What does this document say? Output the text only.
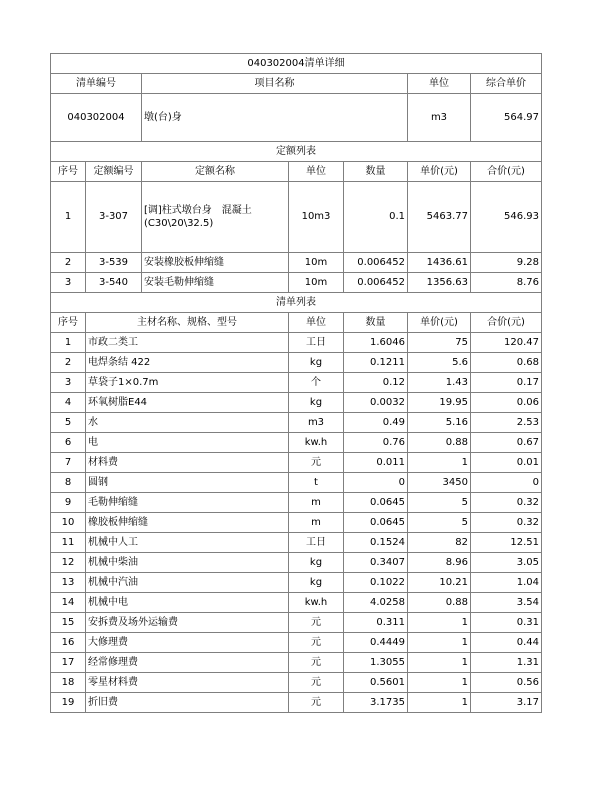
040302004清单详细						
清单编号		项目名称			单位	综合单价
040302004		墩(台)身			m3	564.97
定额列表						
序号	定额编号	定额名称	单位	数量	单价(元)	合价(元)
1	3-307	[调]柱式墩台身　混凝土(C30\20\32.5)	10m3	0.1	5463.77	546.93
2	3-539	安装橡胶板伸缩缝	10m	0.006452	1436.61	9.28
3	3-540	安装毛勒伸缩缝	10m	0.006452	1356.63	8.76
清单列表						
序号	主材名称、规格、型号		单位	数量	单价(元)	合价(元)
1	市政二类工		工日	1.6046	75	120.47
2	电焊条结 422		kg	0.1211	5.6	0.68
3	草袋子1×0.7m		个	0.12	1.43	0.17
4	环氧树脂E44		kg	0.0032	19.95	0.06
5	水		m3	0.49	5.16	2.53
6	电		kw.h	0.76	0.88	0.67
7	材料费		元	0.011	1	0.01
8	圆钢		t	0	3450	0
9	毛勒伸缩缝		m	0.0645	5	0.32
10	橡胶板伸缩缝		m	0.0645	5	0.32
11	机械中人工		工日	0.1524	82	12.51
12	机械中柴油		kg	0.3407	8.96	3.05
13	机械中汽油		kg	0.1022	10.21	1.04
14	机械中电		kw.h	4.0258	0.88	3.54
15	安拆费及场外运输费		元	0.311	1	0.31
16	大修理费		元	0.4449	1	0.44
17	经常修理费		元	1.3055	1	1.31
18	零星材料费		元	0.5601	1	0.56
19	折旧费		元	3.1735	1	3.17
